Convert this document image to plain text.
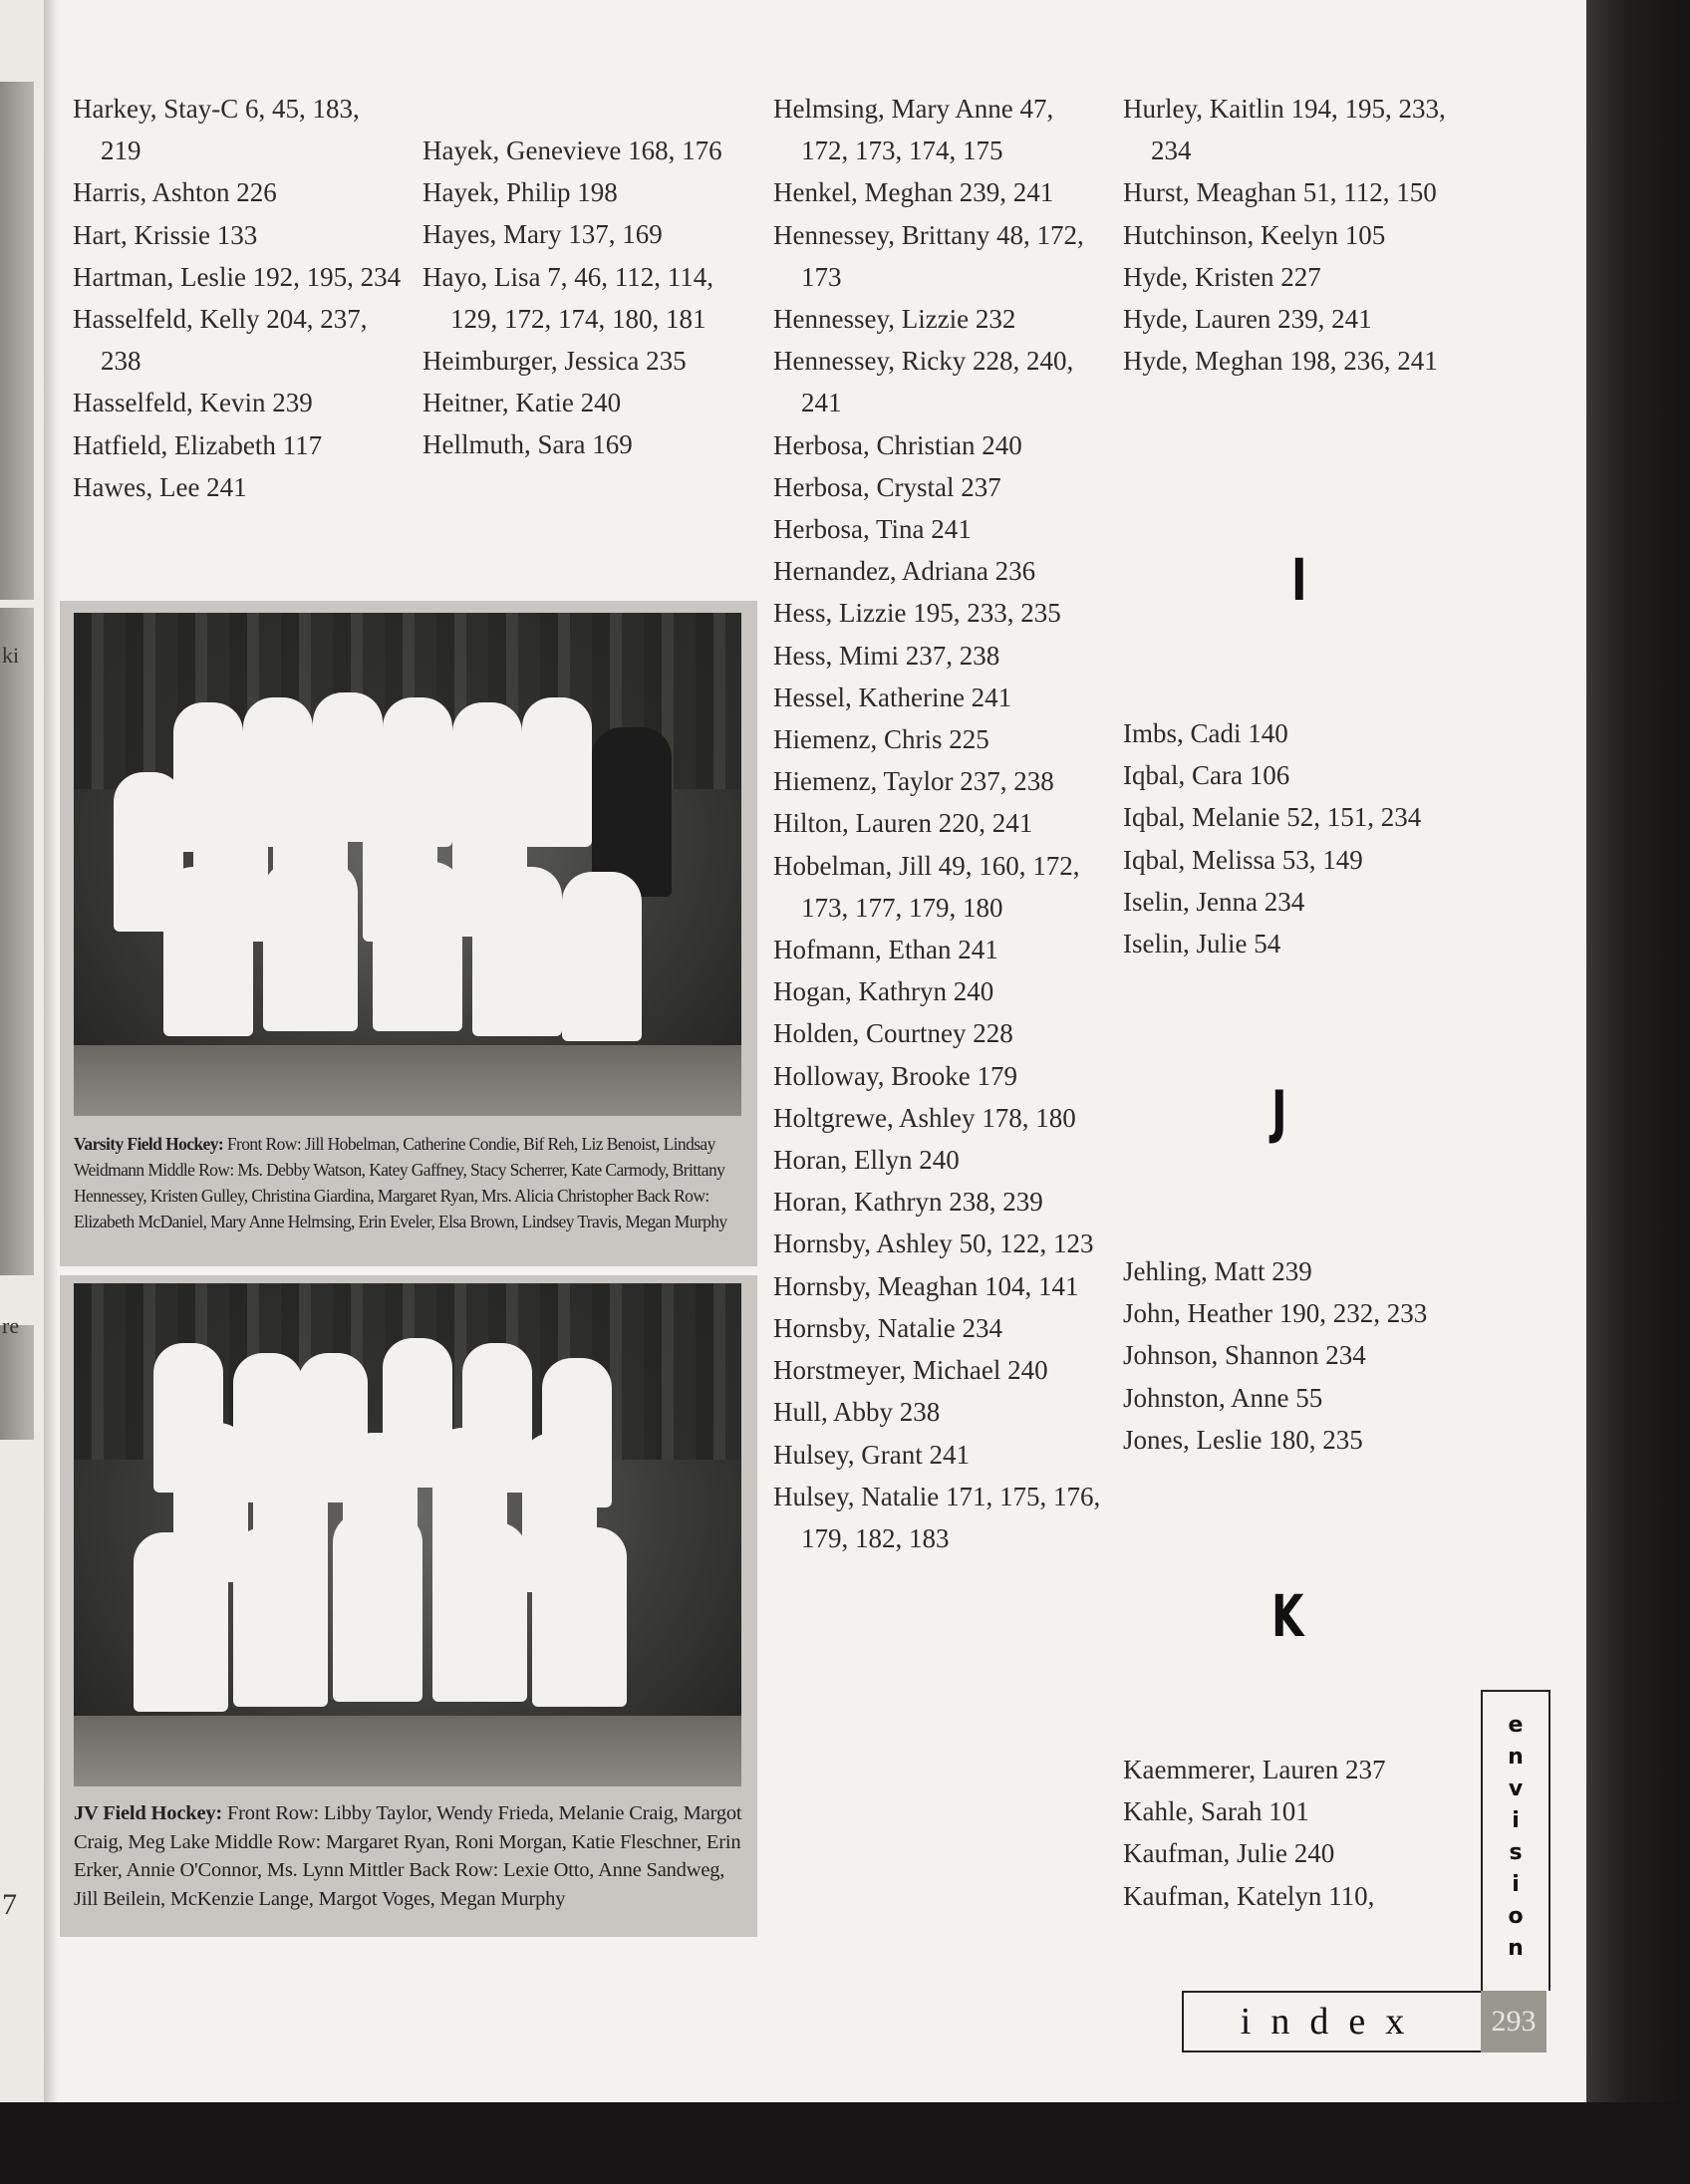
ki
re
7
Harkey, Stay-C 6, 45, 183, 219
Harris, Ashton 226
Hart, Krissie 133
Hartman, Leslie 192, 195, 234
Hasselfeld, Kelly 204, 237, 238
Hasselfeld, Kevin 239
Hatfield, Elizabeth 117
Hawes, Lee 241
Hayek, Genevieve 168, 176
Hayek, Philip 198
Hayes, Mary 137, 169
Hayo, Lisa 7, 46, 112, 114, 129, 172, 174, 180, 181
Heimburger, Jessica 235
Heitner, Katie 240
Hellmuth, Sara 169
Helmsing, Mary Anne 47, 172, 173, 174, 175
Henkel, Meghan 239, 241
Hennessey, Brittany 48, 172, 173
Hennessey, Lizzie 232
Hennessey, Ricky 228, 240, 241
Herbosa, Christian 240
Herbosa, Crystal 237
Herbosa, Tina 241
Hernandez, Adriana 236
Hess, Lizzie 195, 233, 235
Hess, Mimi 237, 238
Hessel, Katherine 241
Hiemenz, Chris 225
Hiemenz, Taylor 237, 238
Hilton, Lauren 220, 241
Hobelman, Jill 49, 160, 172, 173, 177, 179, 180
Hofmann, Ethan 241
Hogan, Kathryn 240
Holden, Courtney 228
Holloway, Brooke 179
Holtgrewe, Ashley 178, 180
Horan, Ellyn 240
Horan, Kathryn 238, 239
Hornsby, Ashley 50, 122, 123
Hornsby, Meaghan 104, 141
Hornsby, Natalie 234
Horstmeyer, Michael 240
Hull, Abby 238
Hulsey, Grant 241
Hulsey, Natalie 171, 175, 176, 179, 182, 183
Hurley, Kaitlin 194, 195, 233, 234
Hurst, Meaghan 51, 112, 150
Hutchinson, Keelyn 105
Hyde, Kristen 227
Hyde, Lauren 239, 241
Hyde, Meghan 198, 236, 241
I
Imbs, Cadi 140
Iqbal, Cara 106
Iqbal, Melanie 52, 151, 234
Iqbal, Melissa 53, 149
Iselin, Jenna 234
Iselin, Julie 54
J
Jehling, Matt 239
John, Heather 190, 232, 233
Johnson, Shannon 234
Johnston, Anne 55
Jones, Leslie 180, 235
K
Kaemmerer, Lauren 237
Kahle, Sarah 101
Kaufman, Julie 240
Kaufman, Katelyn 110,
Varsity Field Hockey: Front Row: Jill Hobelman, Catherine Condie, Bif Reh, Liz Benoist, Lindsay Weidmann Middle Row: Ms. Debby Watson, Katey Gaffney, Stacy Scherrer, Kate Carmody, Brittany Hennessey, Kristen Gulley, Christina Giardina, Margaret Ryan, Mrs. Alicia Christopher Back Row: Elizabeth McDaniel, Mary Anne Helmsing, Erin Eveler, Elsa Brown, Lindsey Travis, Megan Murphy
JV Field Hockey: Front Row: Libby Taylor, Wendy Frieda, Melanie Craig, Margot Craig, Meg Lake Middle Row: Margaret Ryan, Roni Morgan, Katie Fleschner, Erin Erker, Annie O'Connor, Ms. Lynn Mittler Back Row: Lexie Otto, Anne Sandweg, Jill Beilein, McKenzie Lange, Margot Voges, Megan Murphy
e
n
v
i
s
i
o
n
index	293
